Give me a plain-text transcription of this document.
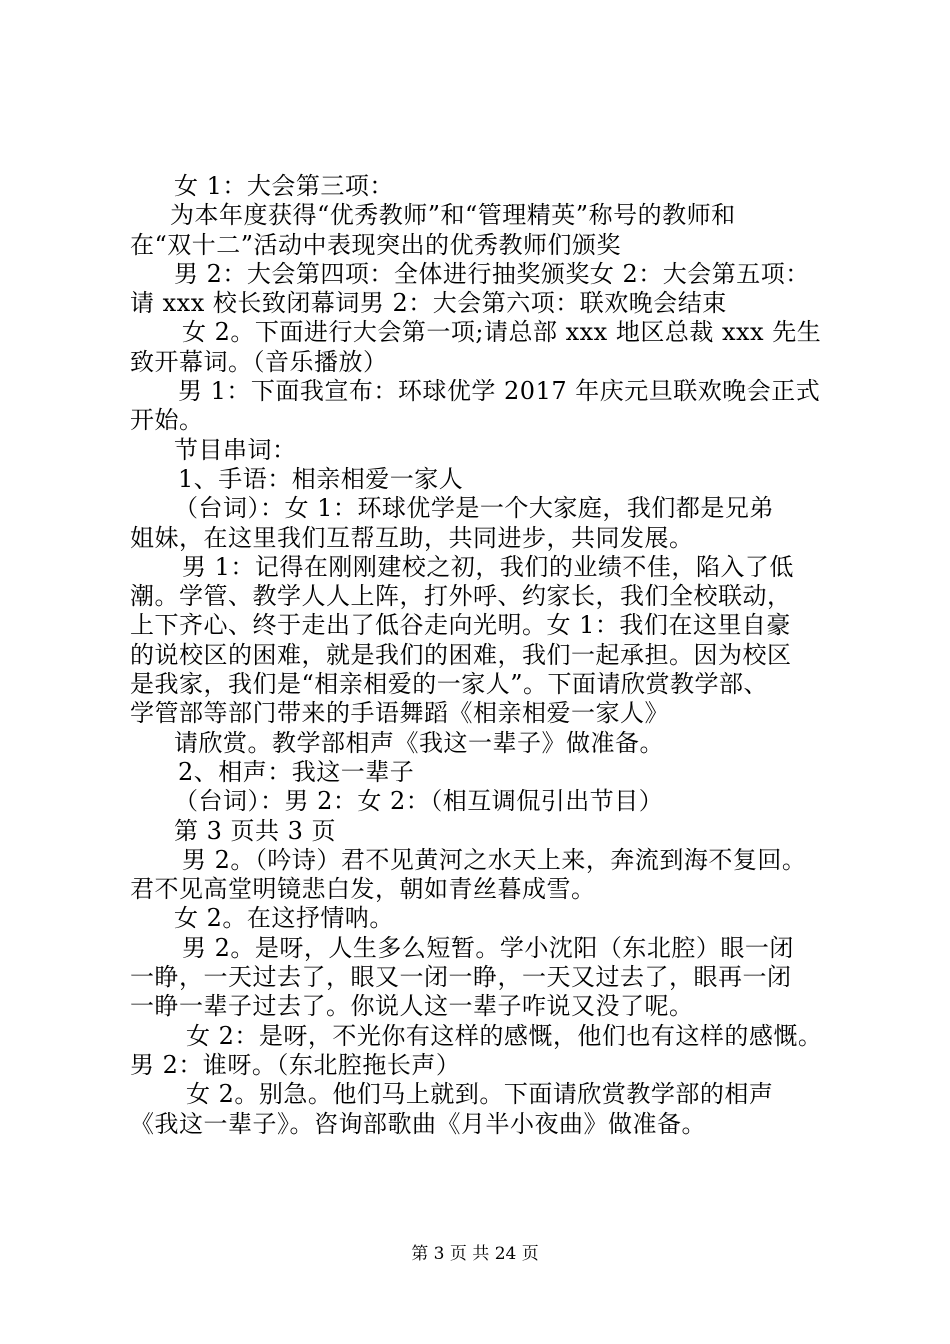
女 1：大会第三项：
为本年度获得“优秀教师”和“管理精英”称号的教师和
在“双十二”活动中表现突出的优秀教师们颁奖
男 2：大会第四项：全体进行抽奖颁奖女 2：大会第五项：
请 xxx 校长致闭幕词男 2：大会第六项：联欢晚会结束
女 2。下面进行大会第一项;请总部 xxx 地区总裁 xxx 先生
致开幕词。（音乐播放）
男 1：下面我宣布：环球优学 2017 年庆元旦联欢晚会正式
开始。
节目串词：
1、手语：相亲相爱一家人
（台词）：女 1：环球优学是一个大家庭，我们都是兄弟
姐妹，在这里我们互帮互助，共同进步，共同发展。
男 1：记得在刚刚建校之初，我们的业绩不佳，陷入了低
潮。学管、教学人人上阵，打外呼、约家长，我们全校联动，
上下齐心、终于走出了低谷走向光明。女 1：我们在这里自豪
的说校区的困难，就是我们的困难，我们一起承担。因为校区
是我家，我们是“相亲相爱的一家人”。下面请欣赏教学部、
学管部等部门带来的手语舞蹈《相亲相爱一家人》
请欣赏。教学部相声《我这一辈子》做准备。
2、相声：我这一辈子
（台词）：男 2：女 2：（相互调侃引出节目）
第 3 页共 3 页
男 2。（吟诗）君不见黄河之水天上来，奔流到海不复回。
君不见高堂明镜悲白发，朝如青丝暮成雪。
女 2。在这抒情呐。
男 2。是呀，人生多么短暂。学小沈阳（东北腔）眼一闭
一睁，一天过去了，眼又一闭一睁，一天又过去了，眼再一闭
一睁一辈子过去了。你说人这一辈子咋说又没了呢。
女 2：是呀，不光你有这样的感慨，他们也有这样的感慨。
男 2：谁呀。（东北腔拖长声）
女 2。别急。他们马上就到。下面请欣赏教学部的相声
《我这一辈子》。咨询部歌曲《月半小夜曲》做准备。
第 3 页 共 24 页
